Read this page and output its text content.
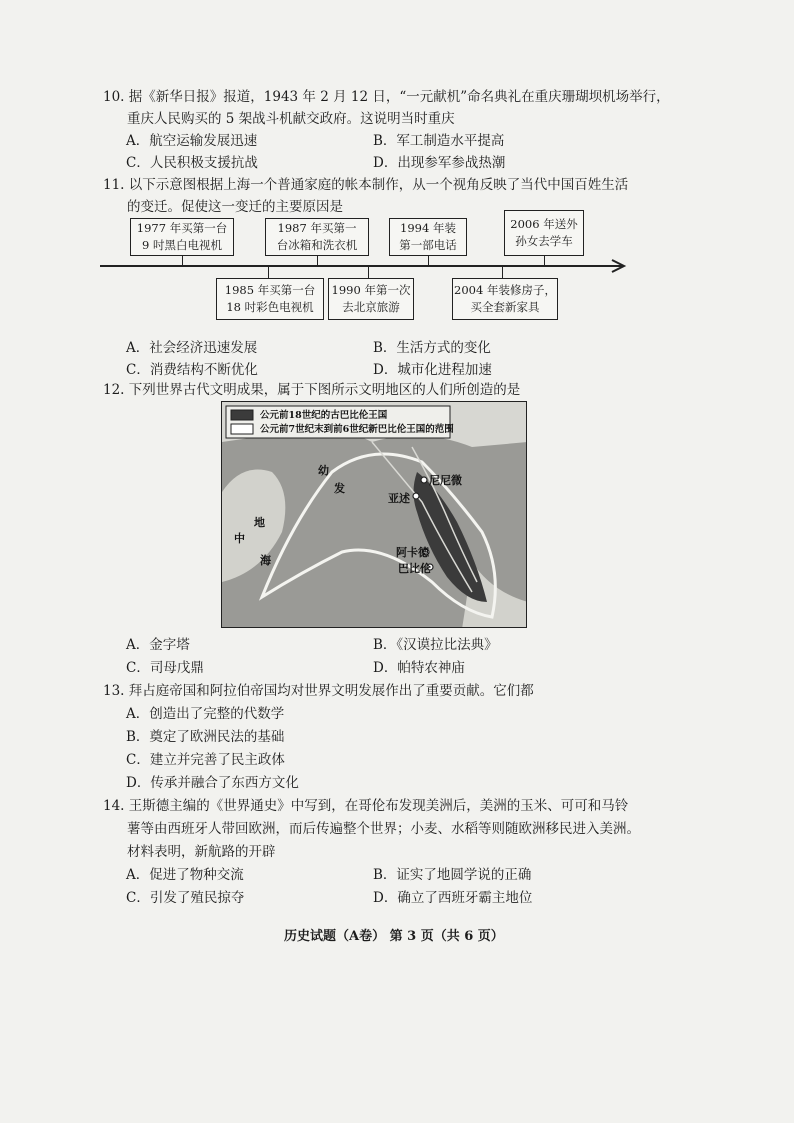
10. 据《新华日报》报道，1943 年 2 月 12 日，“一元献机”命名典礼在重庆珊瑚坝机场举行，
重庆人民购买的 5 架战斗机献交政府。这说明当时重庆
A．航空运输发展迅速	B．军工制造水平提高
C．人民积极支援抗战	D．出现参军参战热潮
11. 以下示意图根据上海一个普通家庭的帐本制作，从一个视角反映了当代中国百姓生活
的变迁。促使这一变迁的主要原因是
1977 年买第一台
9 吋黑白电视机
1987 年买第一
台冰箱和洗衣机
1994 年装
第一部电话
2006 年送外
孙女去学车
1985 年买第一台
18 吋彩色电视机
1990 年第一次
去北京旅游
2004 年装修房子，
买全套新家具
A．社会经济迅速发展	B．生活方式的变化
C．消费结构不断优化	D．城市化进程加速
12. 下列世界古代文明成果，属于下图所示文明地区的人们所创造的是
公元前18世纪的古巴比伦王国
公元前7世纪末到前6世纪新巴比伦王国的范围
尼尼微
亚述
阿卡德
巴比伦
地
中
海
幼
发
A．金字塔	B．《汉谟拉比法典》
C．司母戊鼎	D．帕特农神庙
13. 拜占庭帝国和阿拉伯帝国均对世界文明发展作出了重要贡献。它们都
A．创造出了完整的代数学
B．奠定了欧洲民法的基础
C．建立并完善了民主政体
D．传承并融合了东西方文化
14. 王斯德主编的《世界通史》中写到，在哥伦布发现美洲后，美洲的玉米、可可和马铃
薯等由西班牙人带回欧洲，而后传遍整个世界；小麦、水稻等则随欧洲移民进入美洲。
材料表明，新航路的开辟
A．促进了物种交流	B．证实了地圆学说的正确
C．引发了殖民掠夺	D．确立了西班牙霸主地位
历史试题（A卷） 第 3 页（共 6 页）
